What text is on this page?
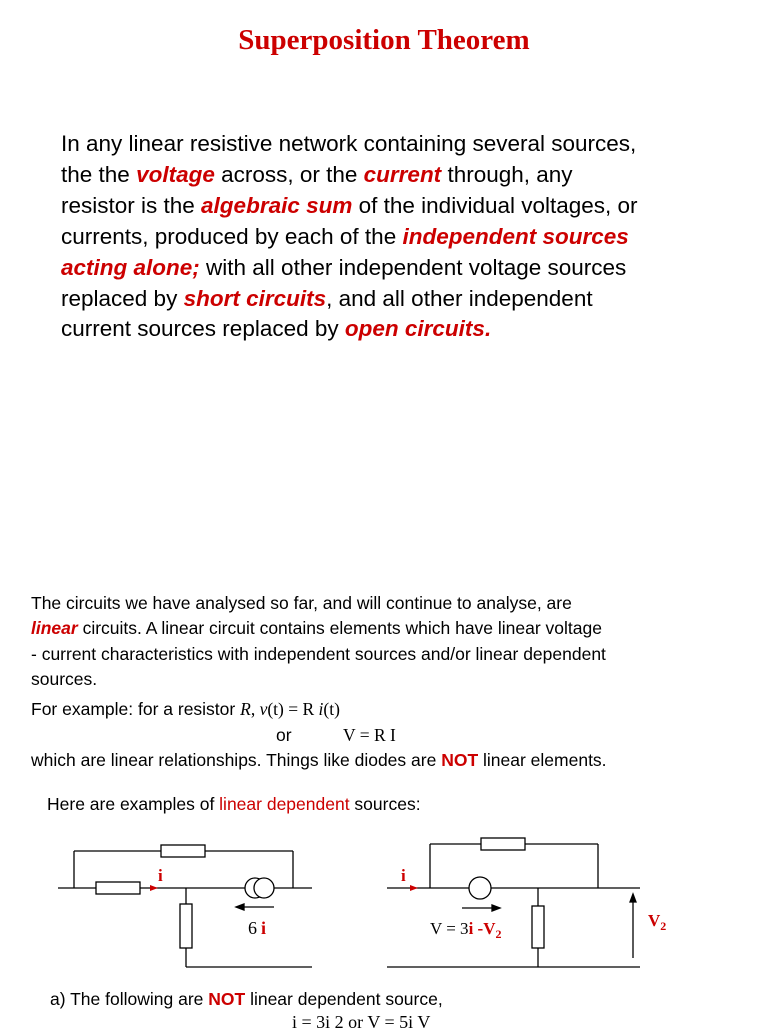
Superposition Theorem
In any linear resistive network containing several sources,
the the voltage across, or the current through, any
resistor is the algebraic sum of the individual voltages, or
currents, produced by each of the independent sources
acting alone; with all other independent voltage sources
replaced by short circuits, and all other independent
current sources replaced by open circuits.
The circuits we have analysed so far, and will continue to analyse, are
linear circuits. A linear circuit contains elements which have linear voltage
- current characteristics with independent sources and/or linear dependent
sources.
For example: for a resistor R, v(t) = R i(t)
or	V = R I
which are linear relationships. Things like diodes are NOT linear elements.
Here are examples of linear dependent sources:
i
6 i
i
V = 3i $-V_2$
$V_2$
a) The following are NOT linear dependent source,
i = 3i 2 or V = 5i V
